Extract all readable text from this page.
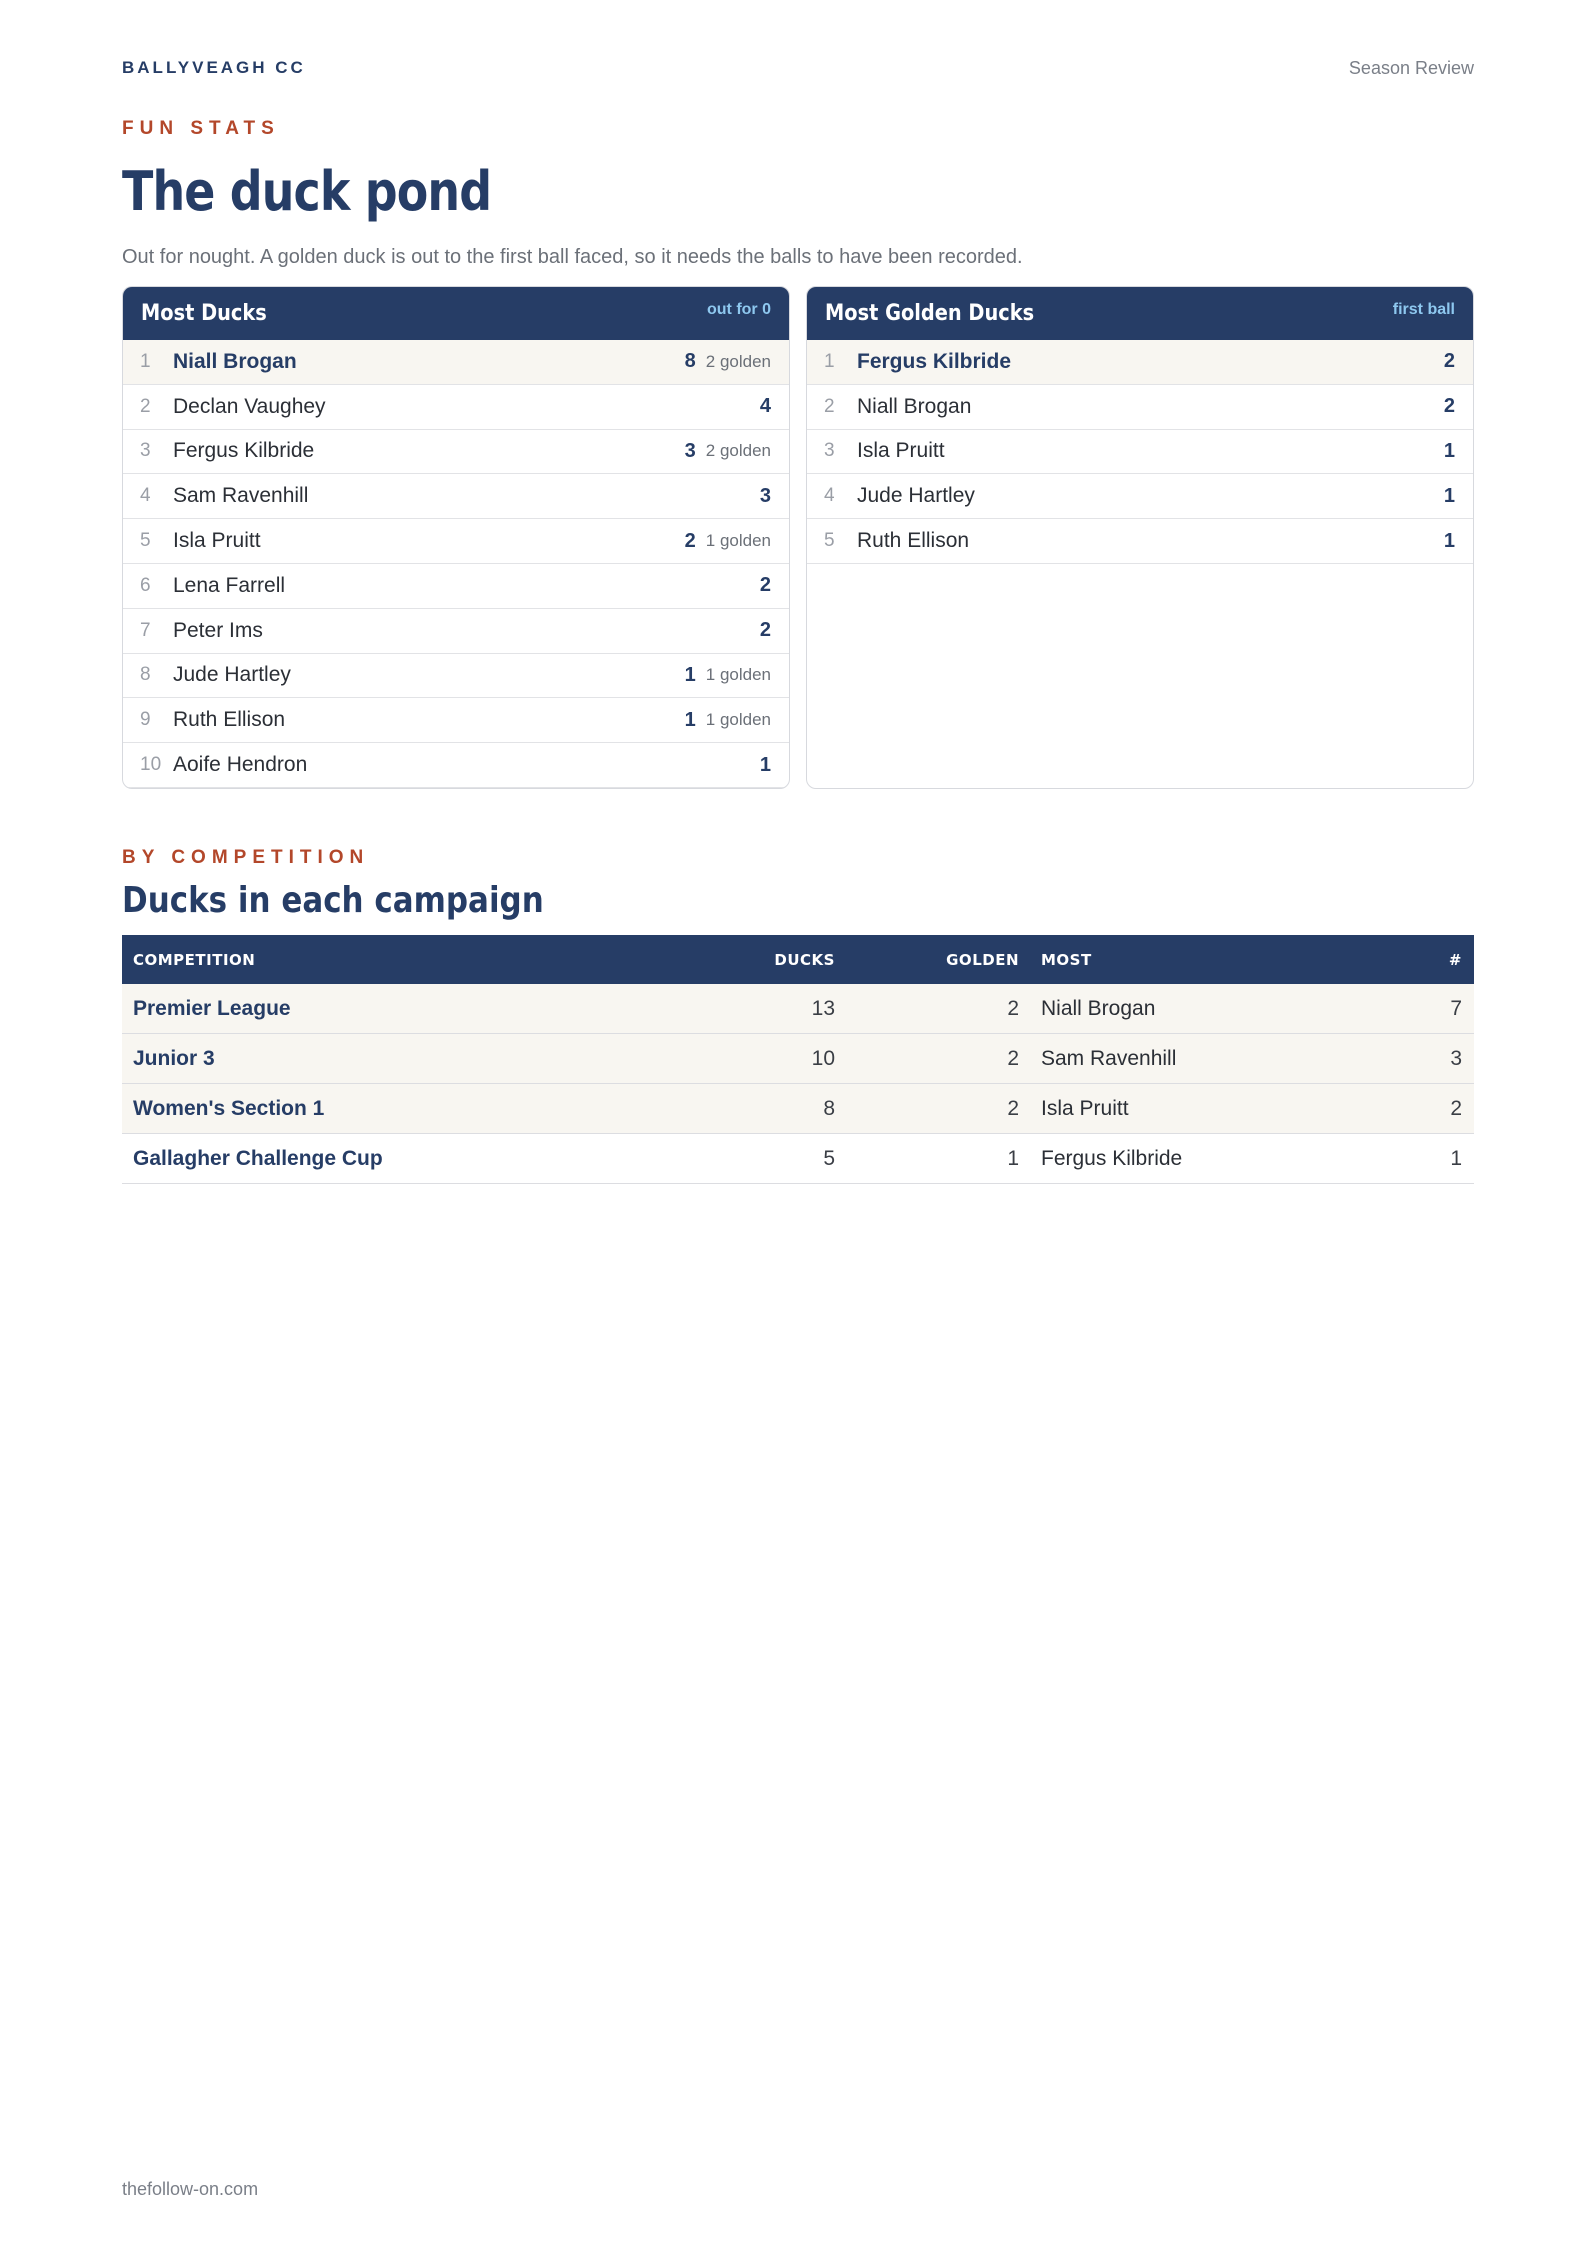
BALLYVEAGH CC	Season Review
FUN STATS
The duck pond

Out for nought. A golden duck is out to the first ball faced, so it needs the balls to have been recorded.

Most Ducks	out for 0
1	Niall Brogan	8 2 golden
2	Declan Vaughey	4
3	Fergus Kilbride	3 2 golden
4	Sam Ravenhill	3
5	Isla Pruitt	2 1 golden
6	Lena Farrell	2
7	Peter Ims	2
8	Jude Hartley	1 1 golden
9	Ruth Ellison	1 1 golden
10 Aoife Hendron	1
Most Golden Ducks	first ball
1	Fergus Kilbride	2
2	Niall Brogan	2
3	Isla Pruitt	1
4	Jude Hartley	1
5	Ruth Ellison	1
BY COMPETITION
Ducks in each campaign
COMPETITION	DUCKS	GOLDEN	MOST	#
Premier League	13	2	Niall Brogan	7
Junior 3	10	2	Sam Ravenhill	3
Women's Section 1	8	2	Isla Pruitt	2
Gallagher Challenge Cup	5	1	Fergus Kilbride	1
thefollow-on.com
